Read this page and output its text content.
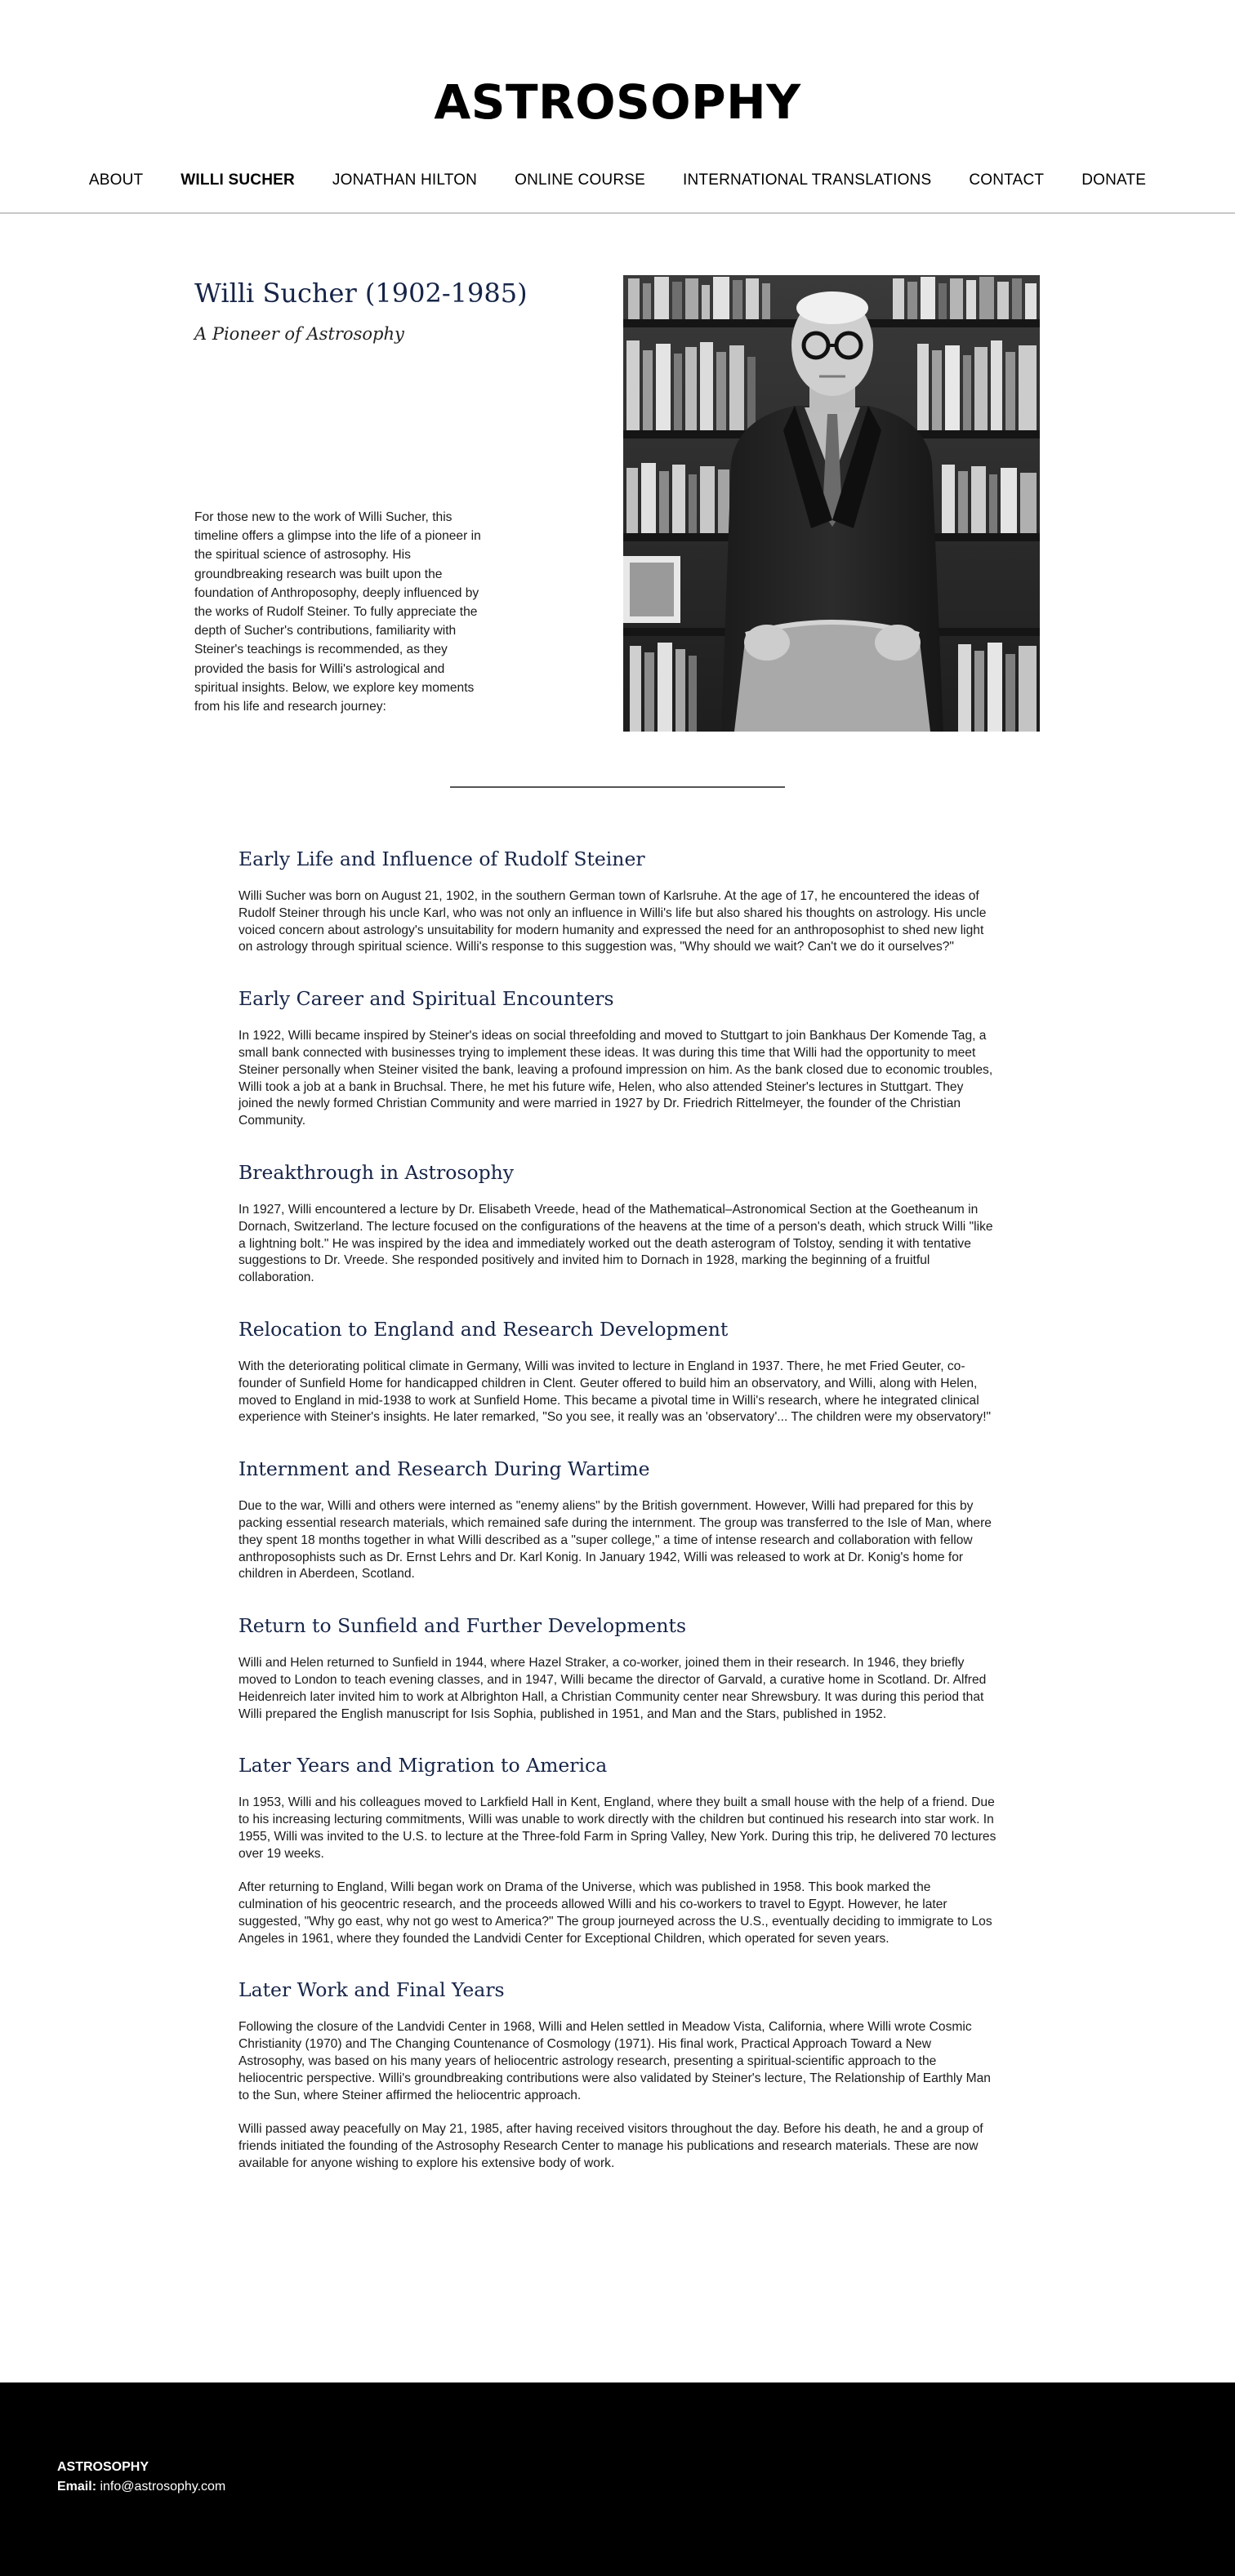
ASTROSOPHY
ABOUT WILLI SUCHER JONATHAN HILTON ONLINE COURSE INTERNATIONAL TRANSLATIONS CONTACT DONATE
Willi Sucher (1902-1985)
A Pioneer of Astrosophy

For those new to the work of Willi Sucher, this timeline offers a glimpse into the life of a pioneer in the spiritual science of astrosophy. His groundbreaking research was built upon the foundation of Anthroposophy, deeply influenced by the works of Rudolf Steiner. To fully appreciate the depth of Sucher's contributions, familiarity with Steiner's teachings is recommended, as they provided the basis for Willi's astrological and spiritual insights. Below, we explore key moments from his life and research journey:

Early Life and Influence of Rudolf Steiner

Willi Sucher was born on August 21, 1902, in the southern German town of Karlsruhe. At the age of 17, he encountered the ideas of Rudolf Steiner through his uncle Karl, who was not only an influence in Willi's life but also shared his thoughts on astrology. His uncle voiced concern about astrology's unsuitability for modern humanity and expressed the need for an anthroposophist to shed new light on astrology through spiritual science. Willi's response to this suggestion was, "Why should we wait? Can't we do it ourselves?"

Early Career and Spiritual Encounters

In 1922, Willi became inspired by Steiner's ideas on social threefolding and moved to Stuttgart to join Bankhaus Der Komende Tag, a small bank connected with businesses trying to implement these ideas. It was during this time that Willi had the opportunity to meet Steiner personally when Steiner visited the bank, leaving a profound impression on him. As the bank closed due to economic troubles, Willi took a job at a bank in Bruchsal. There, he met his future wife, Helen, who also attended Steiner's lectures in Stuttgart. They joined the newly formed Christian Community and were married in 1927 by Dr. Friedrich Rittelmeyer, the founder of the Christian Community.

Breakthrough in Astrosophy

In 1927, Willi encountered a lecture by Dr. Elisabeth Vreede, head of the Mathematical–Astronomical Section at the Goetheanum in Dornach, Switzerland. The lecture focused on the configurations of the heavens at the time of a person's death, which struck Willi "like a lightning bolt." He was inspired by the idea and immediately worked out the death asterogram of Tolstoy, sending it with tentative suggestions to Dr. Vreede. She responded positively and invited him to Dornach in 1928, marking the beginning of a fruitful collaboration.

Relocation to England and Research Development

With the deteriorating political climate in Germany, Willi was invited to lecture in England in 1937. There, he met Fried Geuter, co-founder of Sunfield Home for handicapped children in Clent. Geuter offered to build him an observatory, and Willi, along with Helen, moved to England in mid-1938 to work at Sunfield Home. This became a pivotal time in Willi's research, where he integrated clinical experience with Steiner's insights. He later remarked, "So you see, it really was an 'observatory'... The children were my observatory!"

Internment and Research During Wartime

Due to the war, Willi and others were interned as "enemy aliens" by the British government. However, Willi had prepared for this by packing essential research materials, which remained safe during the internment. The group was transferred to the Isle of Man, where they spent 18 months together in what Willi described as a "super college," a time of intense research and collaboration with fellow anthroposophists such as Dr. Ernst Lehrs and Dr. Karl Konig. In January 1942, Willi was released to work at Dr. Konig's home for children in Aberdeen, Scotland.

Return to Sunfield and Further Developments

Willi and Helen returned to Sunfield in 1944, where Hazel Straker, a co-worker, joined them in their research. In 1946, they briefly moved to London to teach evening classes, and in 1947, Willi became the director of Garvald, a curative home in Scotland. Dr. Alfred Heidenreich later invited him to work at Albrighton Hall, a Christian Community center near Shrewsbury. It was during this period that Willi prepared the English manuscript for Isis Sophia, published in 1951, and Man and the Stars, published in 1952.

Later Years and Migration to America

In 1953, Willi and his colleagues moved to Larkfield Hall in Kent, England, where they built a small house with the help of a friend. Due to his increasing lecturing commitments, Willi was unable to work directly with the children but continued his research into star work. In 1955, Willi was invited to the U.S. to lecture at the Three-fold Farm in Spring Valley, New York. During this trip, he delivered 70 lectures over 19 weeks.

After returning to England, Willi began work on Drama of the Universe, which was published in 1958. This book marked the culmination of his geocentric research, and the proceeds allowed Willi and his co-workers to travel to Egypt. However, he later suggested, "Why go east, why not go west to America?" The group journeyed across the U.S., eventually deciding to immigrate to Los Angeles in 1961, where they founded the Landvidi Center for Exceptional Children, which operated for seven years.

Later Work and Final Years

Following the closure of the Landvidi Center in 1968, Willi and Helen settled in Meadow Vista, California, where Willi wrote Cosmic Christianity (1970) and The Changing Countenance of Cosmology (1971). His final work, Practical Approach Toward a New Astrosophy, was based on his many years of heliocentric astrology research, presenting a spiritual-scientific approach to the heliocentric perspective. Willi's groundbreaking contributions were also validated by Steiner's lecture, The Relationship of Earthly Man to the Sun, where Steiner affirmed the heliocentric approach.

Willi passed away peacefully on May 21, 1985, after having received visitors throughout the day. Before his death, he and a group of friends initiated the founding of the Astrosophy Research Center to manage his publications and research materials. These are now available for anyone wishing to explore his extensive body of work.

ASTROSOPHY
Email: info@astrosophy.com
